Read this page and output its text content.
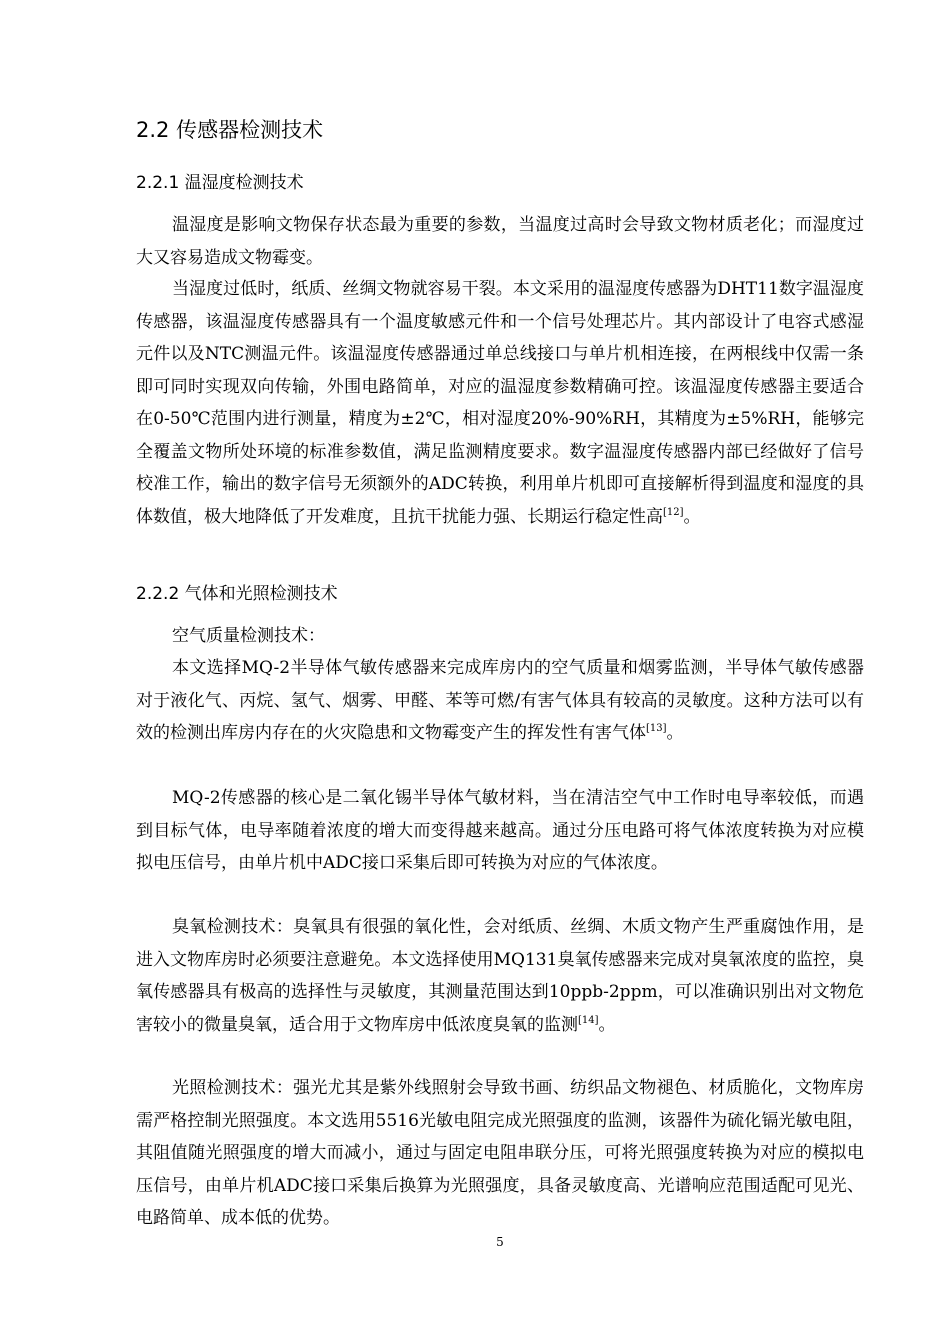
2.2 传感器检测技术
2.2.1 温湿度检测技术

温湿度是影响文物保存状态最为重要的参数，当温度过高时会导致文物材质老化；而湿度过大又容易造成文物霉变。

当湿度过低时，纸质、丝绸文物就容易干裂。本文采用的温湿度传感器为DHT11数字温湿度传感器，该温湿度传感器具有一个温度敏感元件和一个信号处理芯片。其内部设计了电容式感湿元件以及NTC测温元件。该温湿度传感器通过单总线接口与单片机相连接，在两根线中仅需一条即可同时实现双向传输，外围电路简单，对应的温湿度参数精确可控。该温湿度传感器主要适合在0-50℃范围内进行测量，精度为±2℃，相对湿度20%-90%RH，其精度为±5%RH，能够完全覆盖文物所处环境的标准参数值，满足监测精度要求。数字温湿度传感器内部已经做好了信号校准工作，输出的数字信号无须额外的ADC转换，利用单片机即可直接解析得到温度和湿度的具体数值，极大地降低了开发难度，且抗干扰能力强、长期运行稳定性高[12]。

2.2.2 气体和光照检测技术

空气质量检测技术：

本文选择MQ-2半导体气敏传感器来完成库房内的空气质量和烟雾监测，半导体气敏传感器对于液化气、丙烷、氢气、烟雾、甲醛、苯等可燃/有害气体具有较高的灵敏度。这种方法可以有效的检测出库房内存在的火灾隐患和文物霉变产生的挥发性有害气体[13]。

MQ-2传感器的核心是二氧化锡半导体气敏材料，当在清洁空气中工作时电导率较低，而遇到目标气体，电导率随着浓度的增大而变得越来越高。通过分压电路可将气体浓度转换为对应模拟电压信号，由单片机中ADC接口采集后即可转换为对应的气体浓度。

臭氧检测技术：臭氧具有很强的氧化性，会对纸质、丝绸、木质文物产生严重腐蚀作用，是进入文物库房时必须要注意避免。本文选择使用MQ131臭氧传感器来完成对臭氧浓度的监控，臭氧传感器具有极高的选择性与灵敏度，其测量范围达到10ppb-2ppm，可以准确识别出对文物危害较小的微量臭氧，适合用于文物库房中低浓度臭氧的监测[14]。

光照检测技术：强光尤其是紫外线照射会导致书画、纺织品文物褪色、材质脆化，文物库房需严格控制光照强度。本文选用5516光敏电阻完成光照强度的监测，该器件为硫化镉光敏电阻，其阻值随光照强度的增大而减小，通过与固定电阻串联分压，可将光照强度转换为对应的模拟电压信号，由单片机ADC接口采集后换算为光照强度，具备灵敏度高、光谱响应范围适配可见光、电路简单、成本低的优势。

5
